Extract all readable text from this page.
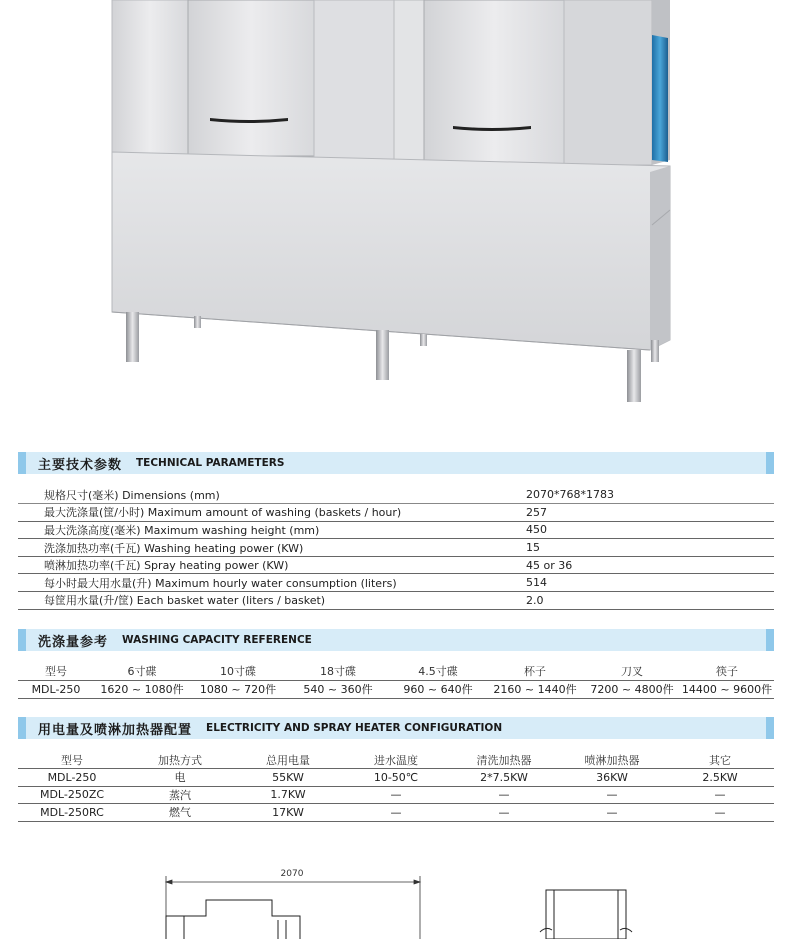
主要技术参数 TECHNICAL PARAMETERS
规格尺寸(毫米) Dimensions (mm)	2070*768*1783
最大洗涤量(筐/小时) Maximum amount of washing (baskets / hour)	257
最大洗涤高度(毫米) Maximum washing height (mm)	450
洗涤加热功率(千瓦) Washing heating power (KW)	15
喷淋加热功率(千瓦) Spray heating power (KW)	45 or 36
每小时最大用水量(升) Maximum hourly water consumption (liters)	514
每筐用水量(升/筐) Each basket water (liters / basket)	2.0
洗涤量参考 WASHING CAPACITY REFERENCE
型号	6寸碟	10寸碟	18寸碟	4.5寸碟	杯子	刀叉	筷子
MDL-250	1620 ~ 1080件	1080 ~ 720件	540 ~ 360件	960 ~ 640件	2160 ~ 1440件	7200 ~ 4800件	14400 ~ 9600件
用电量及喷淋加热器配置 ELECTRICITY AND SPRAY HEATER CONFIGURATION
型号	加热方式	总用电量	进水温度	清洗加热器	喷淋加热器	其它
MDL-250	电	55KW	10-50℃	2*7.5KW	36KW	2.5KW
MDL-250ZC	蒸汽	1.7KW	—	—	—	—
MDL-250RC	燃气	17KW	—	—	—	—
2070
